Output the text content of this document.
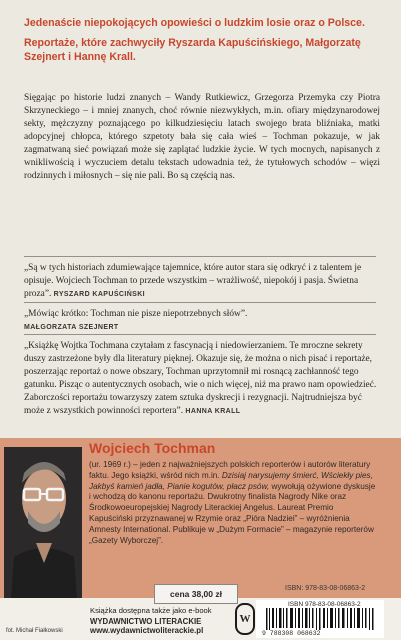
Jedenaście niepokojących opowieści o ludzkim losie oraz o Polsce.

Reportaże, które zachwyciły Ryszarda Kapuścińskiego, Małgorzatę Szejnert i Hannę Krall.

Sięgając po historie ludzi znanych – Wandy Rutkiewicz, Grzegorza Przemyka czy Piotra Skrzyneckiego – i mniej znanych, choć równie niezwykłych, m.in. ofiary międzynarodowej sekty, mężczyzny poznającego po kilkudziesięciu latach swojego brata bliźniaka, matki adopcyjnej chłopca, którego szpetoty bała się cała wieś – Tochman pokazuje, w jak zagmatwaną sieć powiązań może się zaplątać ludzkie życie. W tych mocnych, napisanych z wnikliwością i wyczuciem detalu tekstach udowadnia też, że tytułowych schodów – więzi rodzinnych i miłosnych – się nie pali. Bo są częścią nas.
„Są w tych historiach zdumiewające tajemnice, które autor stara się odkryć i z talentem je opisuje. Wojciech Tochman to przede wszystkim – wrażliwość, niepokój i pasja. Świetna proza”. RYSZARD KAPUŚCIŃSKI
„Mówiąc krótko: Tochman nie pisze niepotrzebnych słów”.
MAŁGORZATA SZEJNERT
„Książkę Wojtka Tochmana czytałam z fascynacją i niedowierzaniem. Te mroczne sekrety duszy zastrzeżone były dla literatury pięknej. Okazuje się, że można o nich pisać i reportaże, poszerzając reportaż o nowe obszary, Tochman uprzytomnił mi rosnącą zachłanność tego gatunku. Pisząc o autentycznych osobach, wie o nich więcej, niż ma prawo nam opowiedzieć. Zaborczości reportażu towarzyszy zatem sztuka dyskrecji i rezygnacji. Najtrudniejsza być może z wszystkich powinności reportera”. HANNA KRALL
Wojciech Tochman
(ur. 1969 r.) – jeden z najważniejszych polskich reporterów i autorów literatury faktu. Jego książki, wśród nich m.in. Dzisiaj narysujemy śmierć, Wściekły pies, Jakbyś kamień jadła, Pianie kogutów, płacz psów, wywołują ożywione dyskusje i wchodzą do kanonu reportażu. Dwukrotny finalista Nagrody Nike oraz Środkowoeuropejskiej Nagrody Literackiej Angelus. Laureat Premio Kapuściński przyznawanej w Rzymie oraz „Pióra Nadziei” – wyróżnienia Amnesty International. Publikuje w „Dużym Formacie” – magazynie reporterów „Gazety Wyborczej”.
cena 38,00 zł
ISBN: 978-83-08-06863-2
fot. Michał Fiałkowski
Książka dostępna także jako e-book
WYDAWNICTWO LITERACKIE
www.wydawnictwoliterackie.pl
W
ISBN 978-83-08-06863-2
9 788308 068632
